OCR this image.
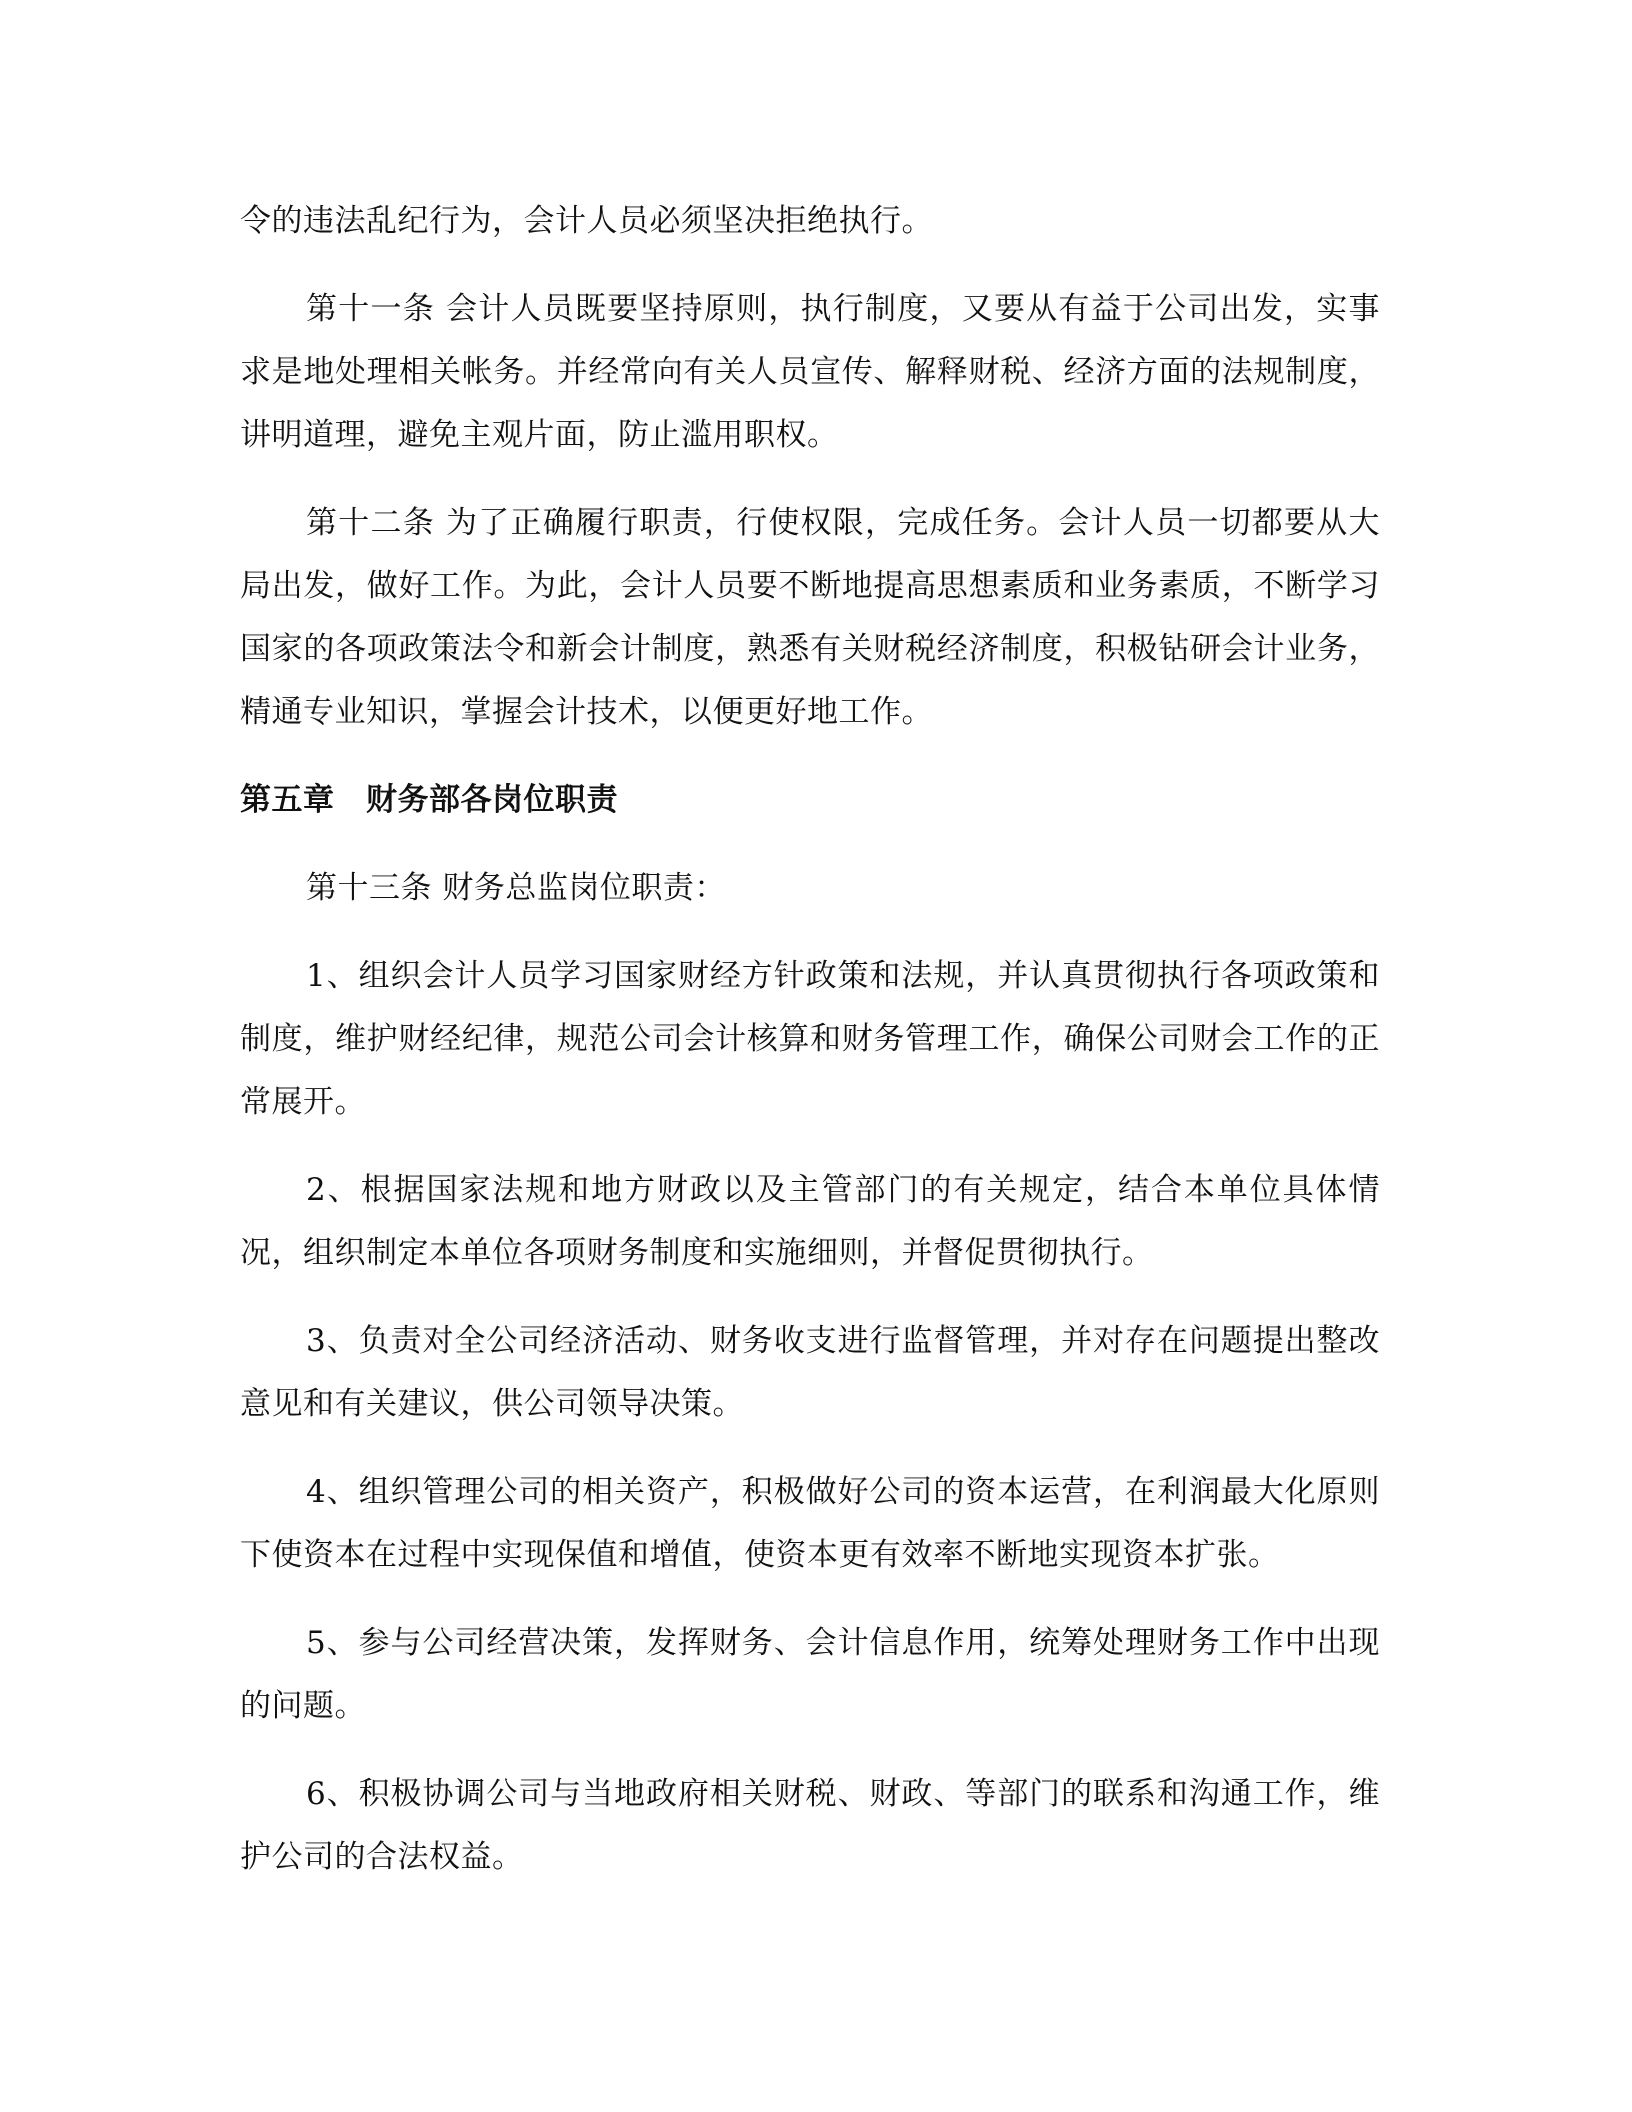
令的违法乱纪行为，会计人员必须坚决拒绝执行。

第十一条 会计人员既要坚持原则，执行制度，又要从有益于公司出发，实事求是地处理相关帐务。并经常向有关人员宣传、解释财税、经济方面的法规制度，讲明道理，避免主观片面，防止滥用职权。

第十二条 为了正确履行职责，行使权限，完成任务。会计人员一切都要从大局出发，做好工作。为此，会计人员要不断地提高思想素质和业务素质，不断学习国家的各项政策法令和新会计制度，熟悉有关财税经济制度，积极钻研会计业务，精通专业知识，掌握会计技术，以便更好地工作。

第五章　财务部各岗位职责

第十三条 财务总监岗位职责：

1、组织会计人员学习国家财经方针政策和法规，并认真贯彻执行各项政策和制度，维护财经纪律，规范公司会计核算和财务管理工作，确保公司财会工作的正常展开。

2、根据国家法规和地方财政以及主管部门的有关规定，结合本单位具体情况，组织制定本单位各项财务制度和实施细则，并督促贯彻执行。

3、负责对全公司经济活动、财务收支进行监督管理，并对存在问题提出整改意见和有关建议，供公司领导决策。

4、组织管理公司的相关资产，积极做好公司的资本运营，在利润最大化原则下使资本在过程中实现保值和增值，使资本更有效率不断地实现资本扩张。

5、参与公司经营决策，发挥财务、会计信息作用，统筹处理财务工作中出现的问题。

6、积极协调公司与当地政府相关财税、财政、等部门的联系和沟通工作，维护公司的合法权益。
